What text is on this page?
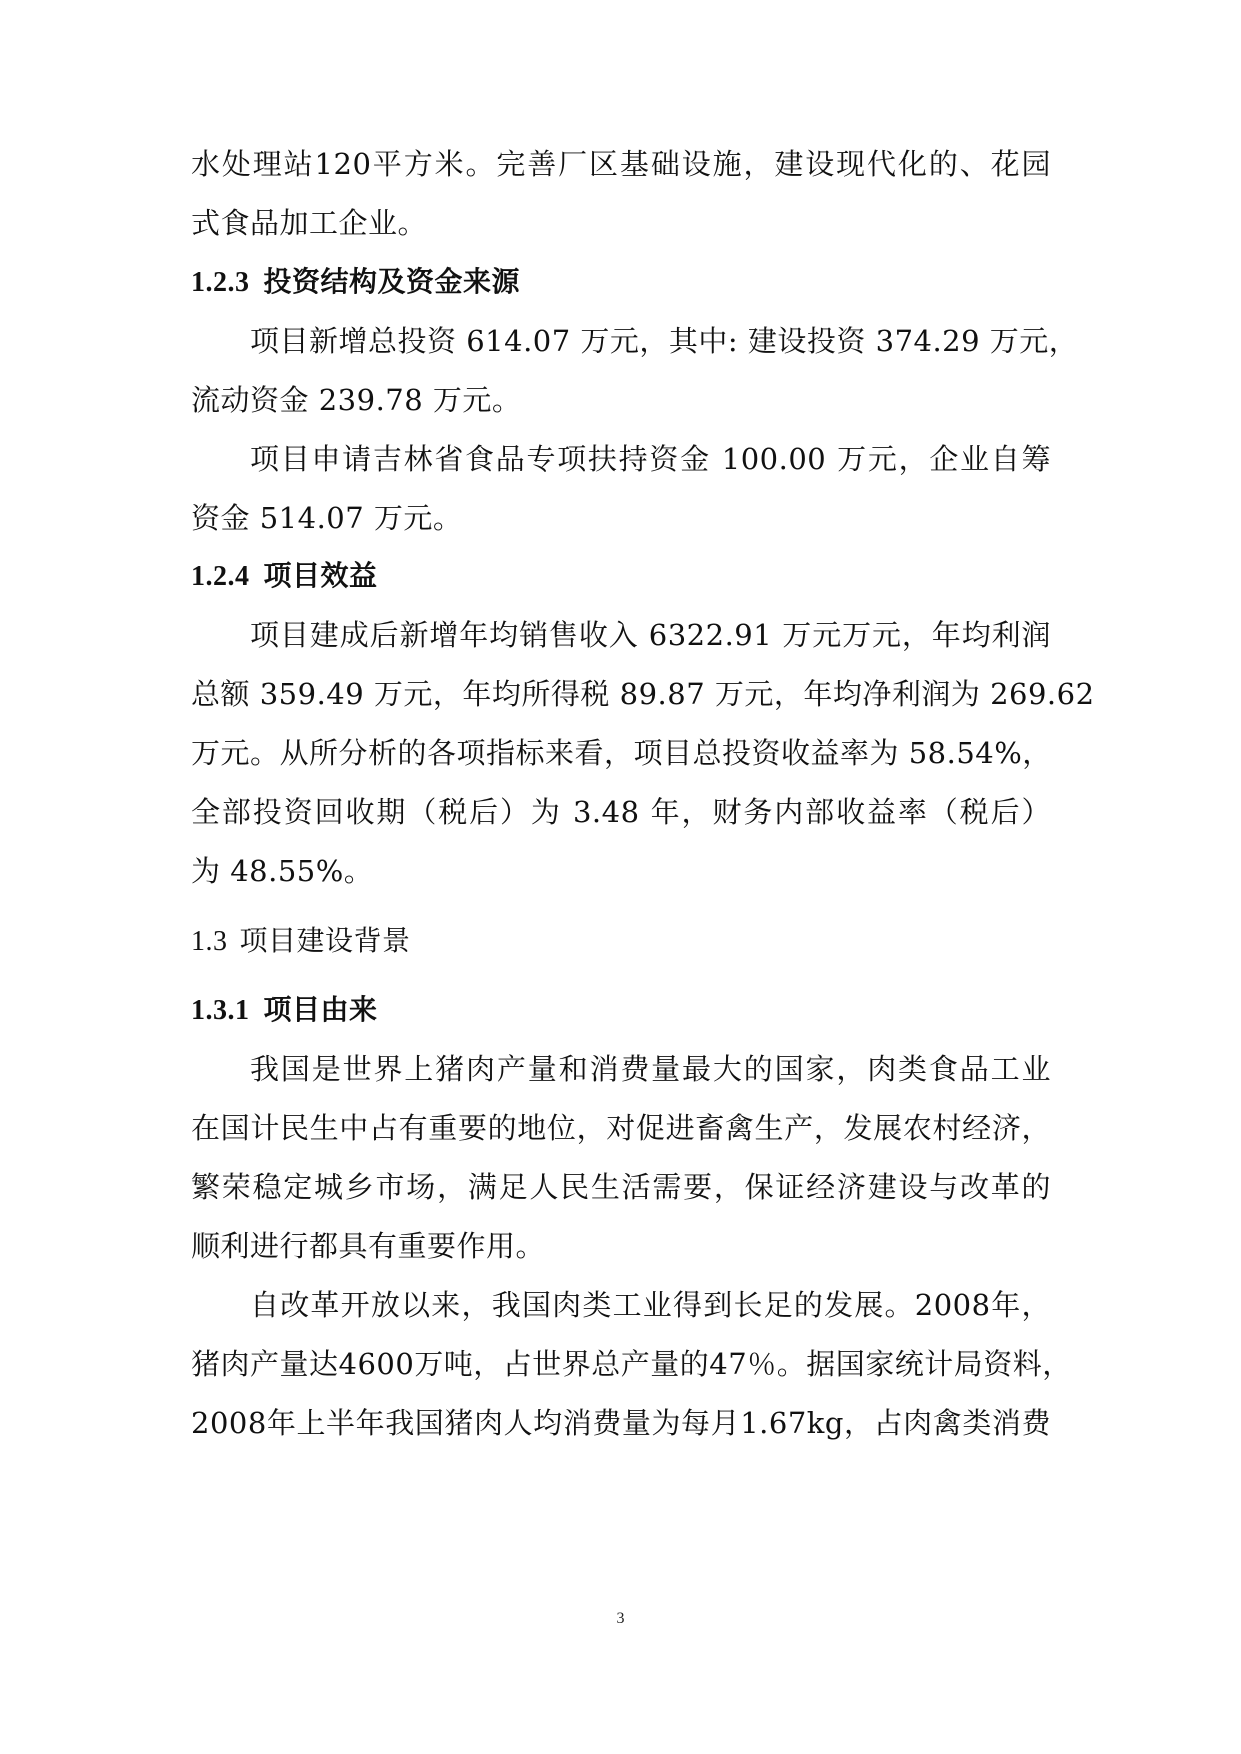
水处理站120平方米。完善厂区基础设施，建设现代化的、花园
式食品加工企业。
1.2.3 投资结构及资金来源
项目新增总投资 614.07 万元，其中: 建设投资 374.29 万元，
流动资金 239.78 万元。
项目申请吉林省食品专项扶持资金 100.00 万元，企业自筹
资金 514.07 万元。
1.2.4 项目效益
项目建成后新增年均销售收入 6322.91 万元万元，年均利润
总额 359.49 万元，年均所得税 89.87 万元，年均净利润为 269.62
万元。从所分析的各项指标来看，项目总投资收益率为 58.54%，
全部投资回收期（税后）为 3.48 年，财务内部收益率（税后）
为 48.55%。
1.3 项目建设背景
1.3.1 项目由来
我国是世界上猪肉产量和消费量最大的国家，肉类食品工业
在国计民生中占有重要的地位，对促进畜禽生产，发展农村经济，
繁荣稳定城乡市场，满足人民生活需要，保证经济建设与改革的
顺利进行都具有重要作用。
自改革开放以来，我国肉类工业得到长足的发展。2008年，
猪肉产量达4600万吨，占世界总产量的47％。据国家统计局资料，
2008年上半年我国猪肉人均消费量为每月1.67kg，占肉禽类消费
3
